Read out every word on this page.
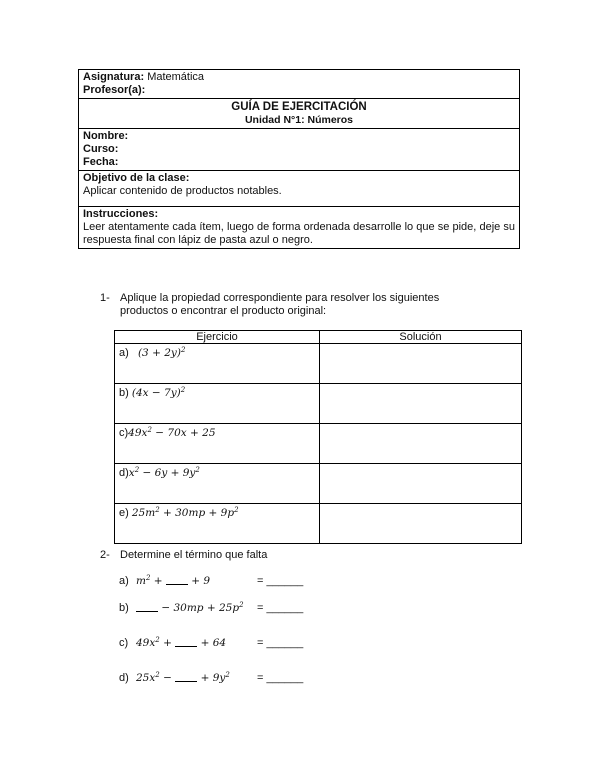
Asignatura: Matemática
Profesor(a):
GUÍA DE EJERCITACIÓN
Unidad N°1: Números
Nombre:
Curso:
Fecha:
Objetivo de la clase:
Aplicar contenido de productos notables.
Instrucciones:
Leer atentamente cada ítem, luego de forma ordenada desarrolle lo que se pide, deje su respuesta final con lápiz de pasta azul o negro.
1- Aplique la propiedad correspondiente para resolver los siguientes productos o encontrar el producto original:
Ejercicio	Solución

a) $(3 + 2y)^2$

b) $(4x - 7y)^2$

$c)49x^2 - 70x + 25$	

$d)x^2 - 6y + 9y^2$

e) $25m^2 + 30mp + 9p^2$

2- Determine el término que falta
a) $m^2$ +  + 9	= ______
b)	− $30mp + 25p^2$ = ______
c) $49x^2$ +  + 64	= ______
d) $25x^2$ −  + $9y^2$ = ______
